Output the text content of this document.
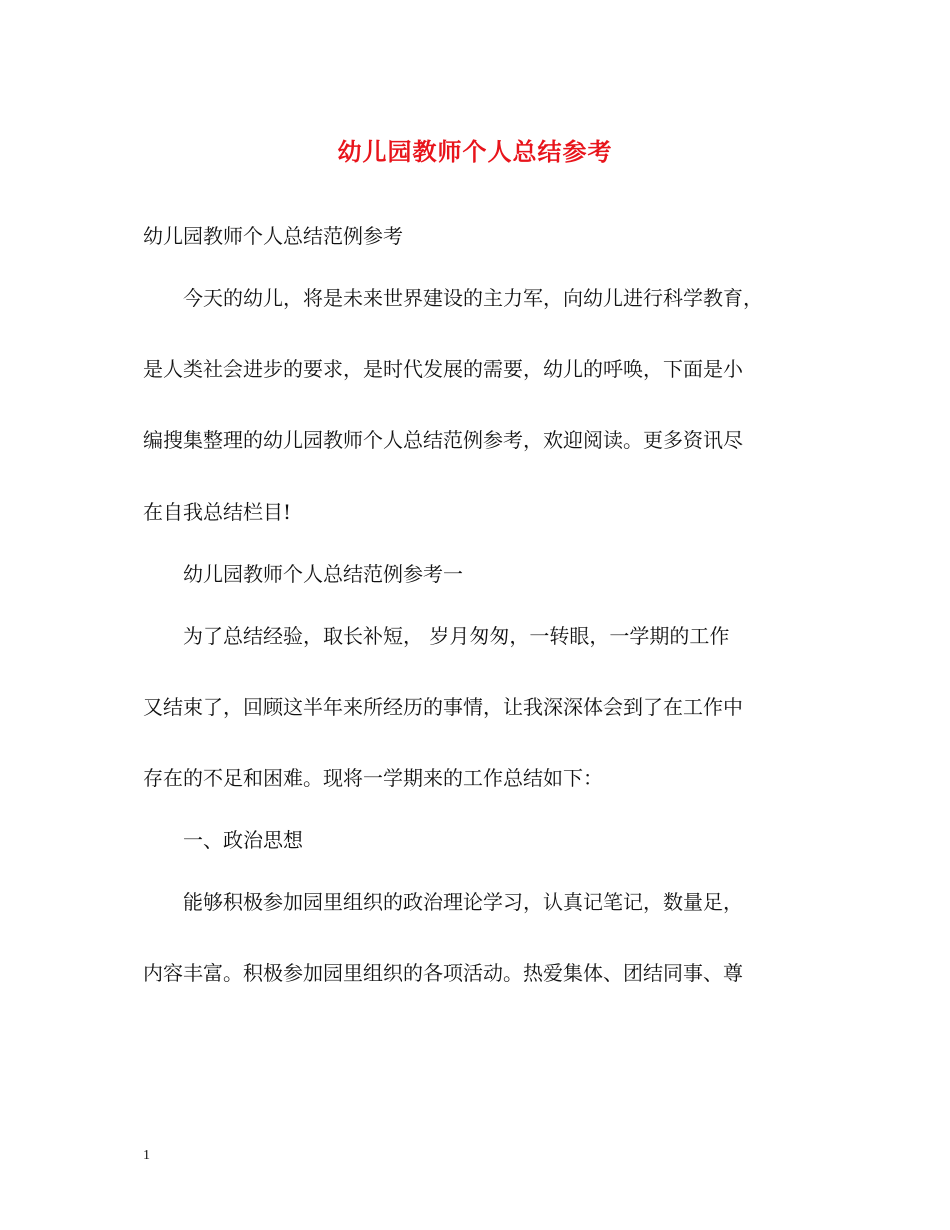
幼儿园教师个人总结参考

幼儿园教师个人总结范例参考

今天的幼儿，将是未来世界建设的主力军，向幼儿进行科学教育，

是人类社会进步的要求，是时代发展的需要，幼儿的呼唤，下面是小

编搜集整理的幼儿园教师个人总结范例参考，欢迎阅读。更多资讯尽

在自我总结栏目!

幼儿园教师个人总结范例参考一

为了总结经验，取长补短， 岁月匆匆，一转眼，一学期的工作

又结束了，回顾这半年来所经历的事情，让我深深体会到了在工作中

存在的不足和困难。现将一学期来的工作总结如下：

一、政治思想

能够积极参加园里组织的政治理论学习，认真记笔记，数量足，

内容丰富。积极参加园里组织的各项活动。热爱集体、团结同事、尊

1
